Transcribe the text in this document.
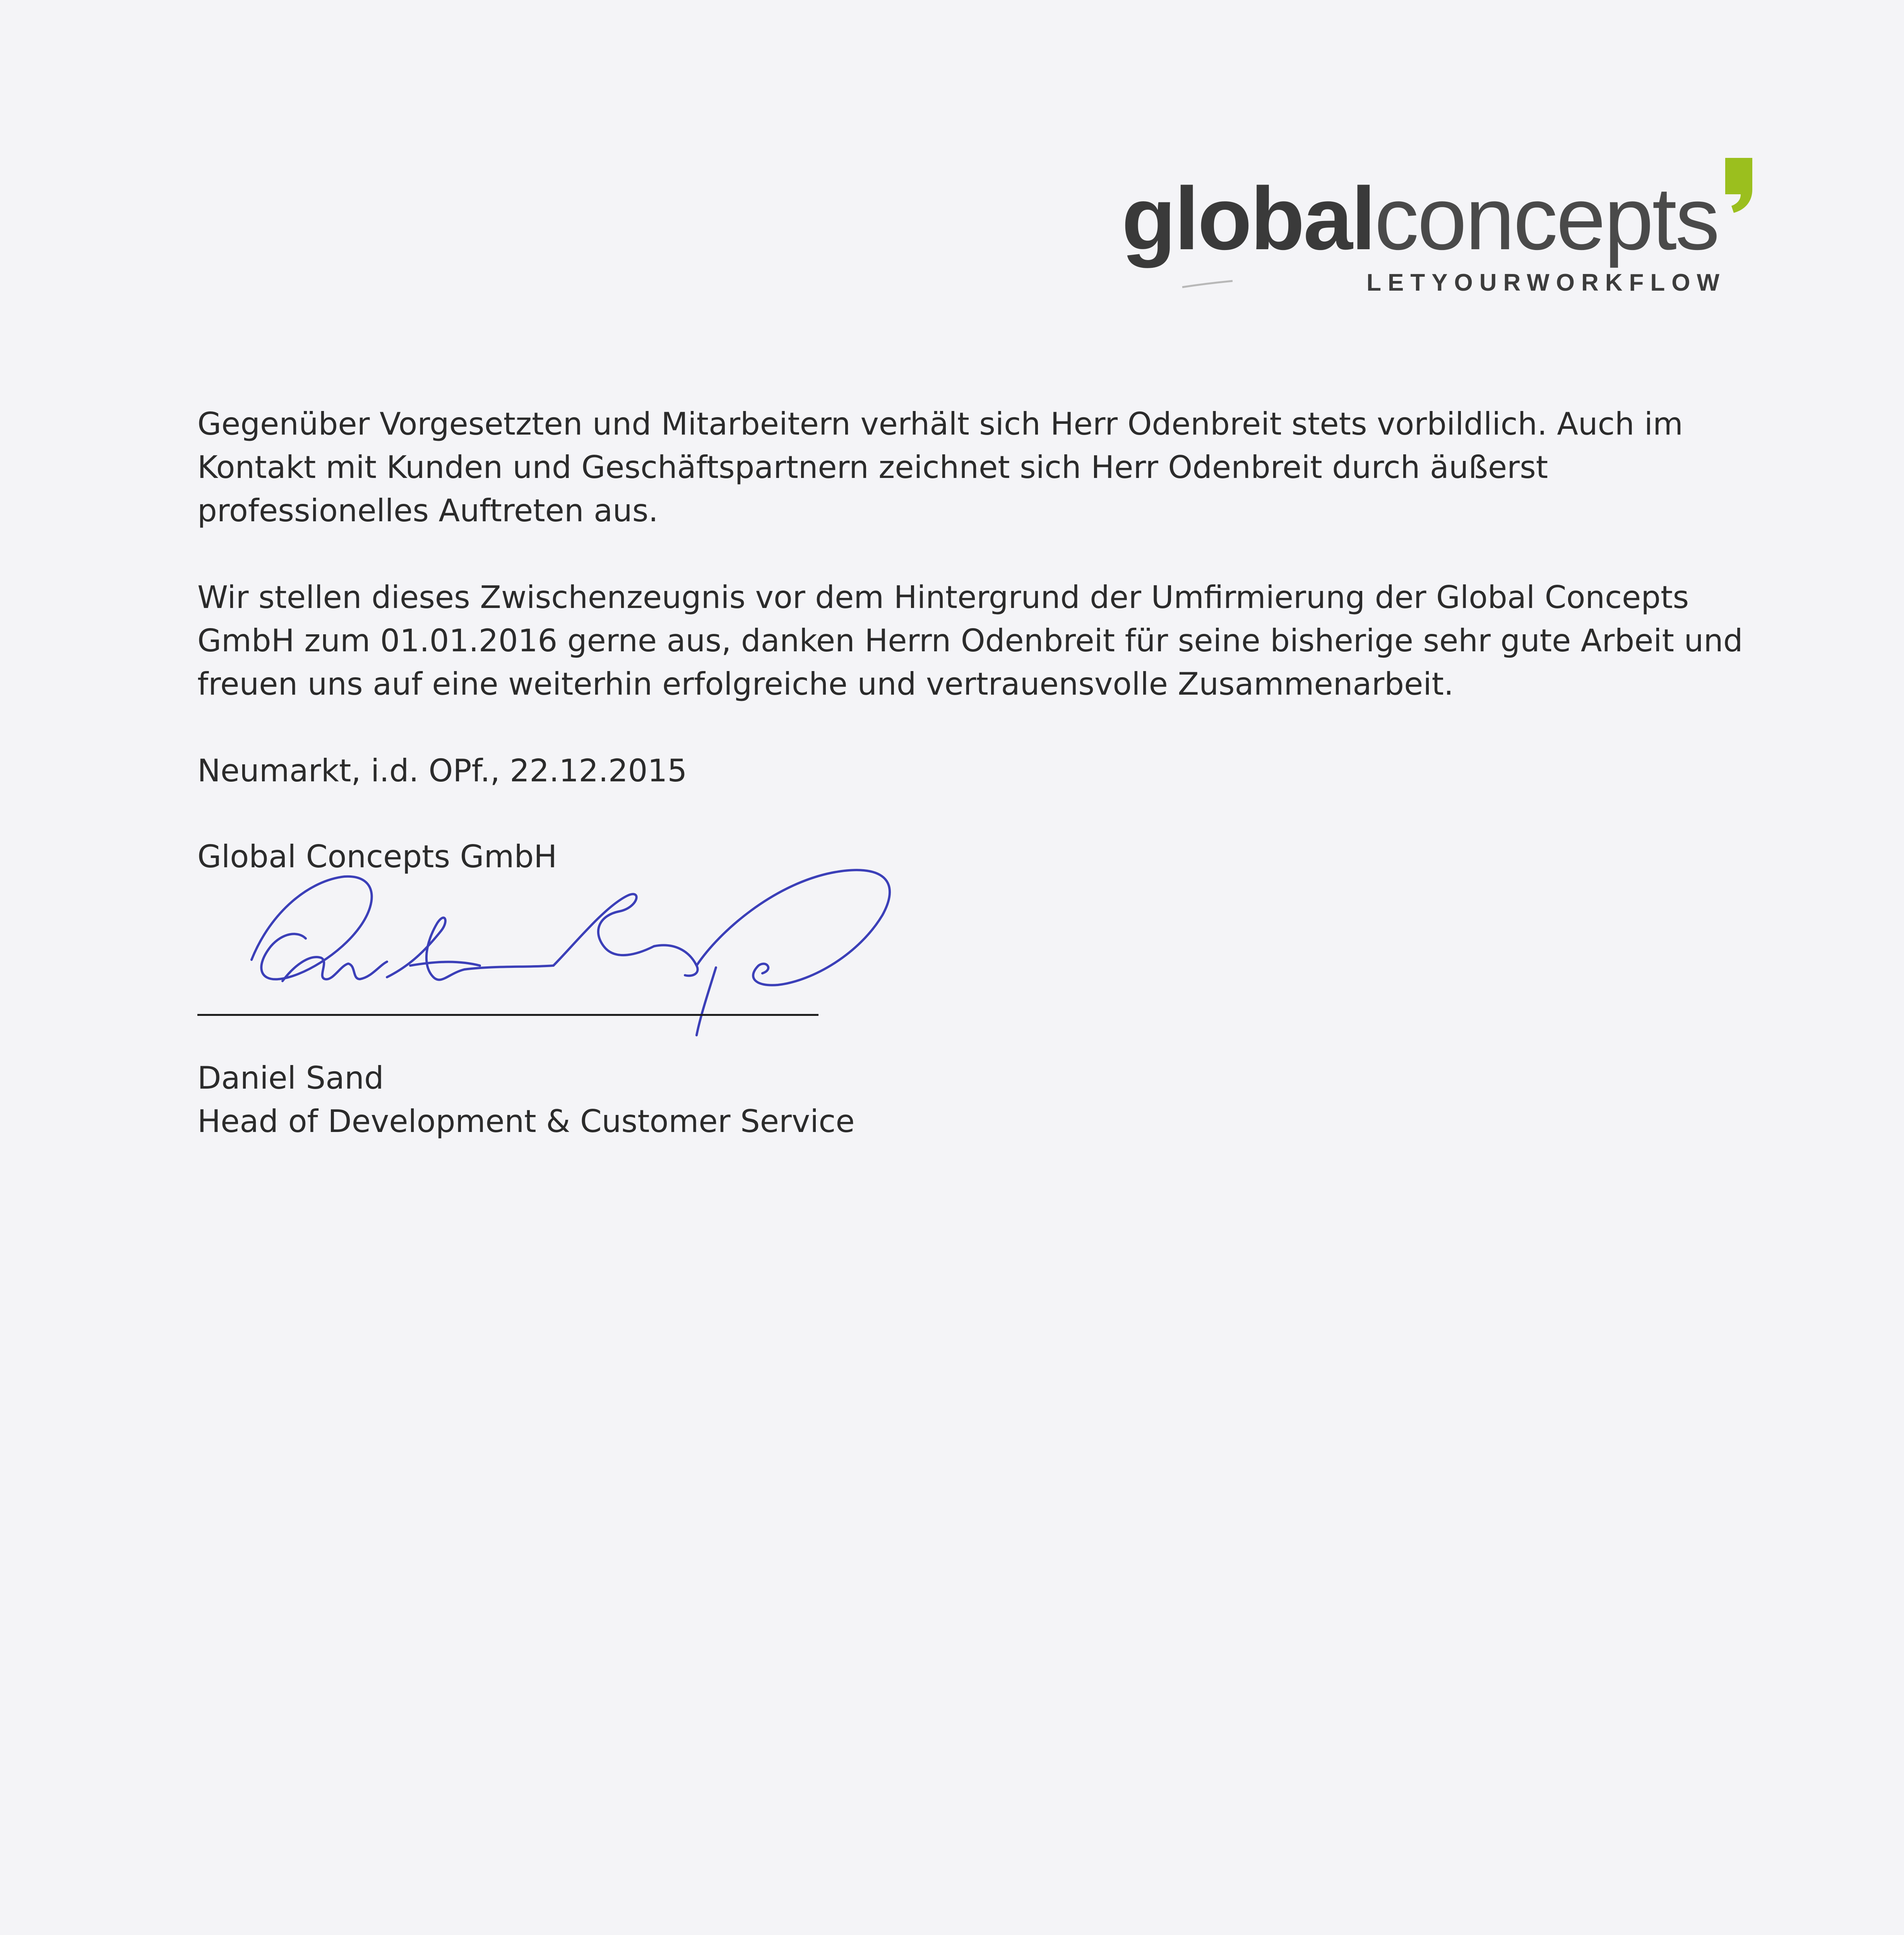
globalconcepts
LETYOURWORKFLOW

Gegenüber Vorgesetzten und Mitarbeitern verhält sich Herr Odenbreit stets vorbildlich. Auch im Kontakt mit Kunden und Geschäftspartnern zeichnet sich Herr Odenbreit durch äußerst professionelles Auftreten aus.

Wir stellen dieses Zwischenzeugnis vor dem Hintergrund der Umfirmierung der Global Concepts GmbH zum 01.01.2016 gerne aus, danken Herrn Odenbreit für seine bisherige sehr gute Arbeit und freuen uns auf eine weiterhin erfolgreiche und vertrauensvolle Zusammenarbeit.

Neumarkt, i.d. OPf., 22.12.2015

Global Concepts GmbH

Daniel Sand

Head of Development & Customer Service
